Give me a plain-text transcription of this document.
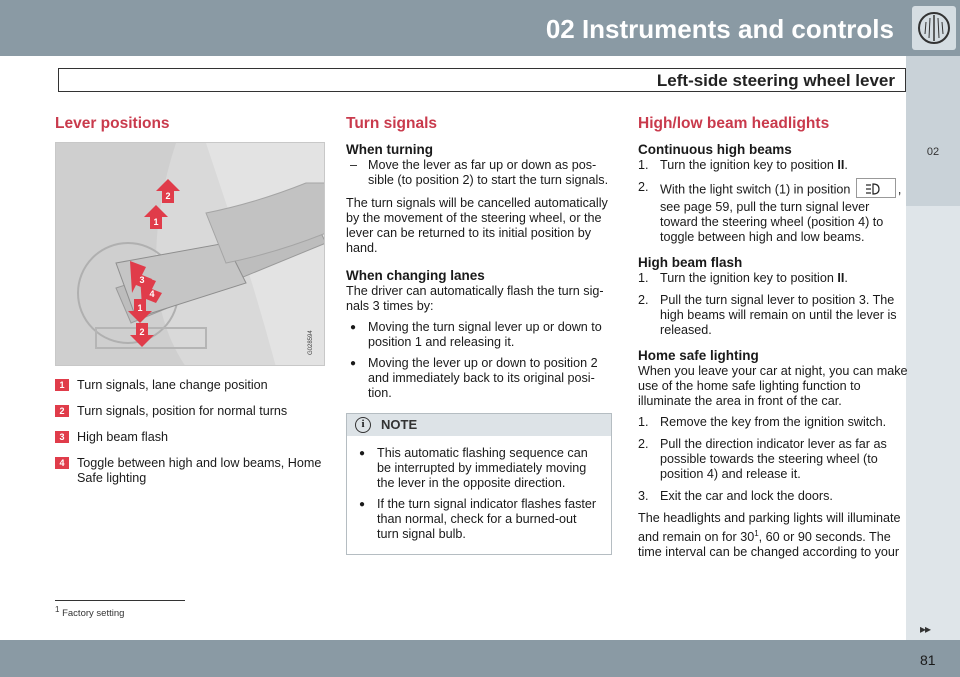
02 Instruments and controls
Left-side steering wheel lever
02
Lever positions
2
1
3
4
1
2	G028594
1 Turn signals, lane change position
2 Turn signals, position for normal turns
3 High beam flash
4 Toggle between high and low beams, Home Safe lighting
Turn signals
When turning
– Move the lever as far up or down as pos-sible (to position 2) to start the turn signals.

The turn signals will be cancelled automatically by the movement of the steering wheel, or the lever can be returned to its initial position by hand.

When changing lanes

The driver can automatically flash the turn sig-nals 3 times by:

● Moving the turn signal lever up or down to position 1 and releasing it.
● Moving the lever up or down to position 2 and immediately back to its original posi-tion.
i	NOTE
● This automatic flashing sequence can be interrupted by immediately moving the lever in the opposite direction.
● If the turn signal indicator flashes faster than normal, check for a burned-out turn signal bulb.
High/low beam headlights
Continuous high beams
1. Turn the ignition key to position II.
2. With the light switch (1) in position	, see page 59, pull the turn signal lever toward the steering wheel (position 4) to toggle between high and low beams.
High beam flash
1. Turn the ignition key to position II.
2. Pull the turn signal lever to position 3. The high beams will remain on until the lever is released.
Home safe lighting

When you leave your car at night, you can make use of the home safe lighting function to illuminate the area in front of the car.

1. Remove the key from the ignition switch.
2. Pull the direction indicator lever as far as possible towards the steering wheel (to position 4) and release it.
3. Exit the car and lock the doors.

The headlights and parking lights will illuminate and remain on for $30^1$, 60 or 90 seconds. The time interval can be changed according to your

$^1$ Factory setting
▸▸
81
